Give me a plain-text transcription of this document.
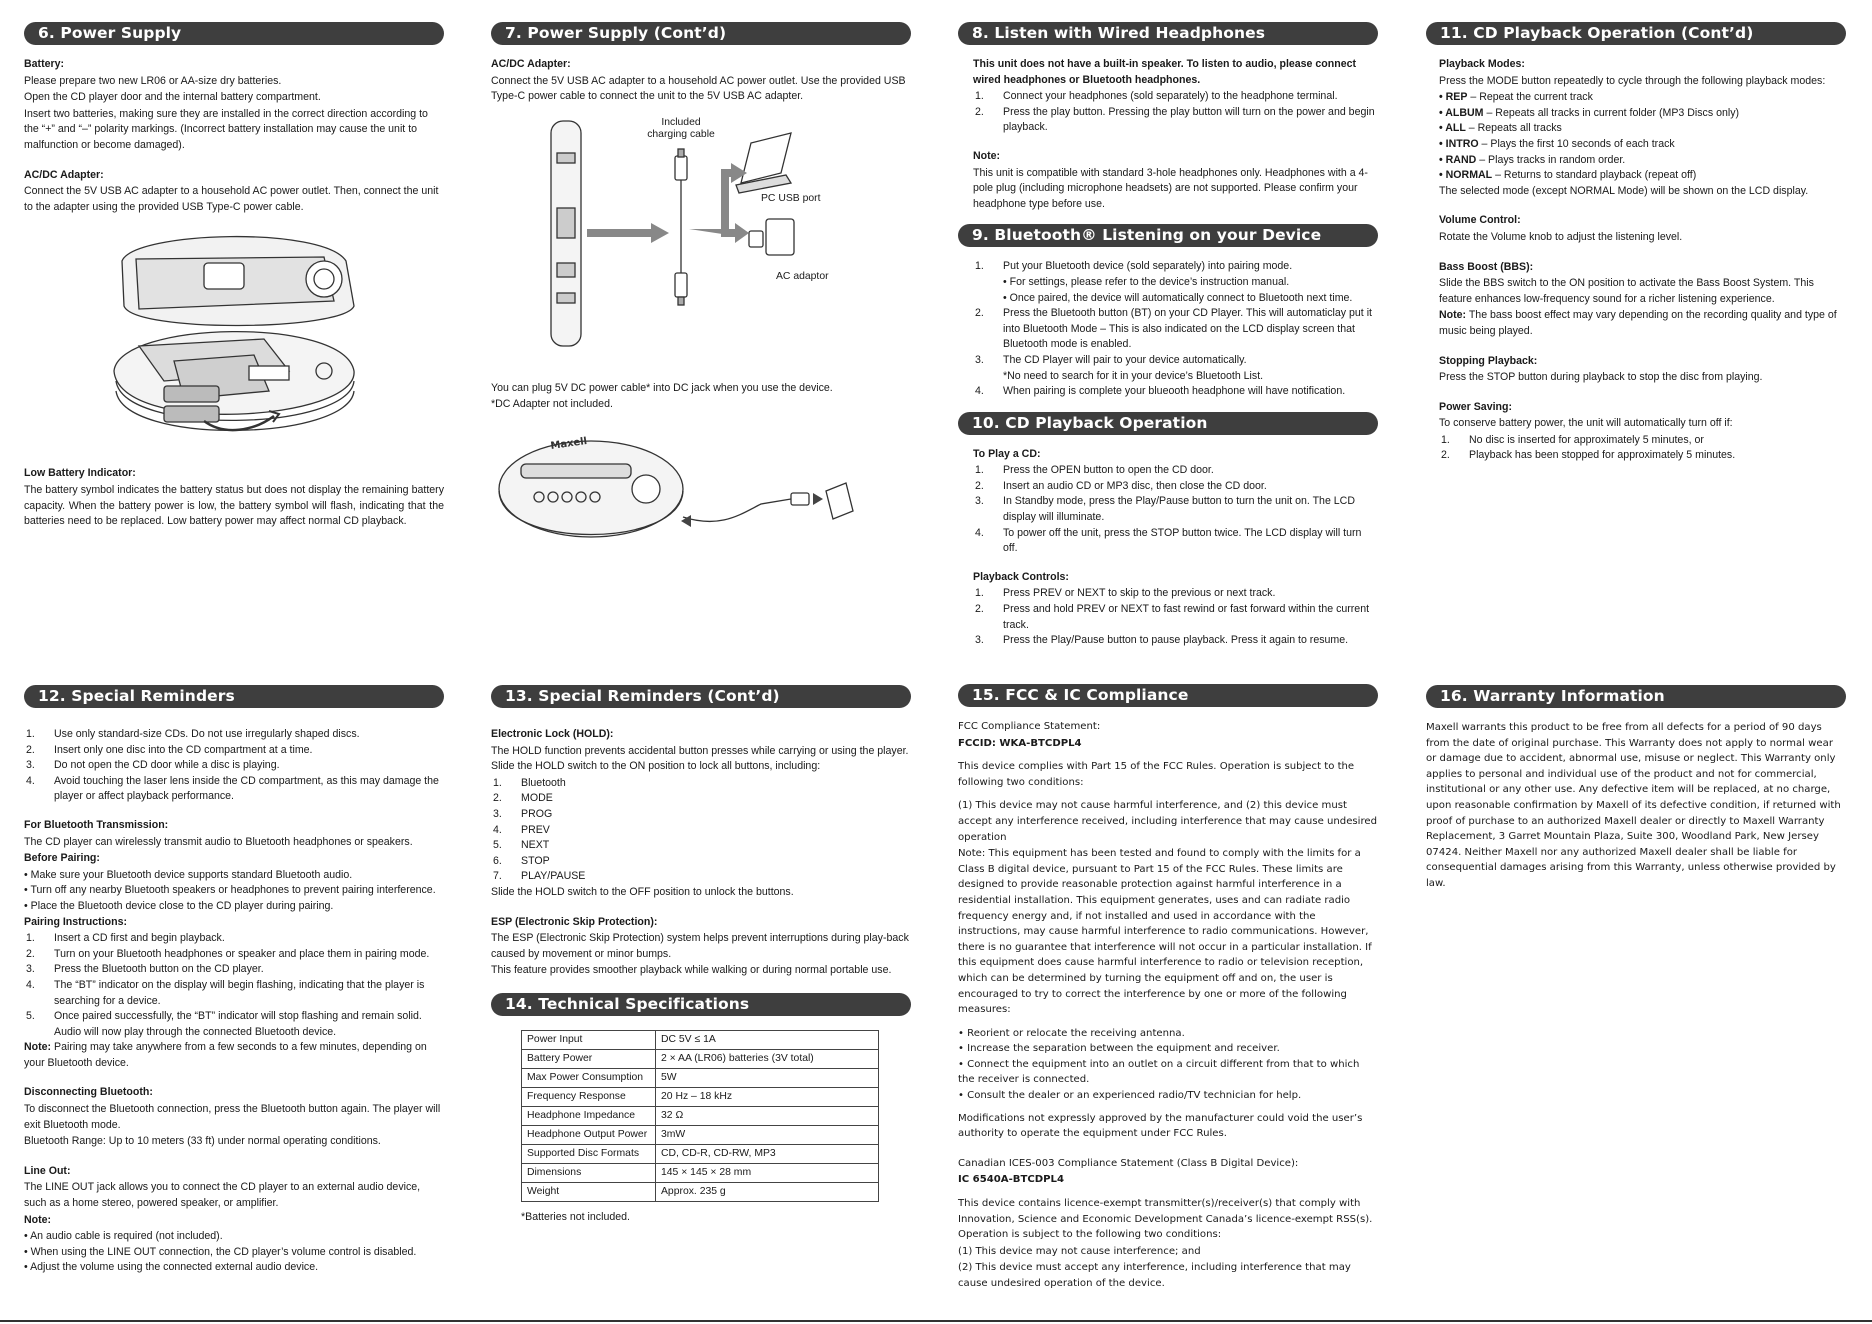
6. Power Supply

Battery:

Please prepare two new LR06 or AA-size dry batteries.

Open the CD player door and the internal battery compartment.

Insert two batteries, making sure they are installed in the correct direction according to the “+” and “–” polarity markings. (Incorrect battery installation may cause the unit to malfunction or become damaged).

AC/DC Adapter:

Connect the 5V USB AC adapter to a household AC power outlet. Then, connect the unit to the adapter using the provided USB Type-C power cable.

Low Battery Indicator:

The battery symbol indicates the battery status but does not display the remaining battery capacity. When the battery power is low, the battery symbol will flash, indicating that the batteries need to be replaced. Low battery power may affect normal CD playback.

7. Power Supply (Cont’d)

AC/DC Adapter:

Connect the 5V USB AC adapter to a household AC power outlet. Use the provided USB Type-C power cable to connect the unit to the 5V USB AC adapter.

Included charging cable
PC USB port
AC adaptor

You can plug 5V DC power cable* into DC jack when you use the device.

*DC Adapter not included.

Maxell
8. Listen with Wired Headphones

This unit does not have a built-in speaker. To listen to audio, please connect wired headphones or Bluetooth headphones.

1.	Connect your headphones (sold separately) to the headphone terminal.
2.	Press the play button. Pressing the play button will turn on the power and begin playback.

Note:

This unit is compatible with standard 3-hole headphones only. Headphones with a 4-pole plug (including microphone headsets) are not supported. Please confirm your headphone type before use.

9. Bluetooth® Listening on your Device
1.	Put your Bluetooth device (sold separately) into pairing mode.
• For settings, please refer to the device’s instruction manual.
• Once paired, the device will automatically connect to Bluetooth next time.
2.	Press the Bluetooth button (BT) on your CD Player. This will automaticlay put it into Bluetooth Mode – This is also indicated on the LCD display screen that Bluetooth mode is enabled.
3.	The CD Player will pair to your device automatically.
*No need to search for it in your device’s Bluetooth List.
4.	When pairing is complete your blueooth headphone will have notification.
10. CD Playback Operation

To Play a CD:

1.	Press the OPEN button to open the CD door.
2.	Insert an audio CD or MP3 disc, then close the CD door.
3.	In Standby mode, press the Play/Pause button to turn the unit on. The LCD display will illuminate.
4.	To power off the unit, press the STOP button twice. The LCD display will turn off.

Playback Controls:

1.	Press PREV or NEXT to skip to the previous or next track.
2.	Press and hold PREV or NEXT to fast rewind or fast forward within the current track.
3.	Press the Play/Pause button to pause playback. Press it again to resume.
11. CD Playback Operation (Cont’d)

Playback Modes:

Press the MODE button repeatedly to cycle through the following playback modes:

• REP – Repeat the current track
• ALBUM – Repeats all tracks in current folder (MP3 Discs only)
• ALL – Repeats all tracks
• INTRO – Plays the first 10 seconds of each track
• RAND – Plays tracks in random order.
• NORMAL – Returns to standard playback (repeat off)

The selected mode (except NORMAL Mode) will be shown on the LCD display.

Volume Control:

Rotate the Volume knob to adjust the listening level.

Bass Boost (BBS):

Slide the BBS switch to the ON position to activate the Bass Boost System. This feature enhances low-frequency sound for a richer listening experience.

Note: The bass boost effect may vary depending on the recording quality and type of music being played.

Stopping Playback:

Press the STOP button during playback to stop the disc from playing.

Power Saving:

To conserve battery power, the unit will automatically turn off if:

1.	No disc is inserted for approximately 5 minutes, or
2.	Playback has been stopped for approximately 5 minutes.
12. Special Reminders
1.	Use only standard-size CDs. Do not use irregularly shaped discs.
2.	Insert only one disc into the CD compartment at a time.
3.	Do not open the CD door while a disc is playing.
4.	Avoid touching the laser lens inside the CD compartment, as this may damage the player or affect playback performance.

For Bluetooth Transmission:

The CD player can wirelessly transmit audio to Bluetooth headphones or speakers.

Before Pairing:

• Make sure your Bluetooth device supports standard Bluetooth audio.
• Turn off any nearby Bluetooth speakers or headphones to prevent pairing interference.
• Place the Bluetooth device close to the CD player during pairing.

Pairing Instructions:

1.	Insert a CD first and begin playback.
2.	Turn on your Bluetooth headphones or speaker and place them in pairing mode.
3.	Press the Bluetooth button on the CD player.
4.	The “BT” indicator on the display will begin flashing, indicating that the player is searching for a device.
5.	Once paired successfully, the “BT” indicator will stop flashing and remain solid. Audio will now play through the connected Bluetooth device.

Note: Pairing may take anywhere from a few seconds to a few minutes, depending on your Bluetooth device.

Disconnecting Bluetooth:

To disconnect the Bluetooth connection, press the Bluetooth button again. The player will exit Bluetooth mode.

Bluetooth Range: Up to 10 meters (33 ft) under normal operating conditions.

Line Out:

The LINE OUT jack allows you to connect the CD player to an external audio device, such as a home stereo, powered speaker, or amplifier.

Note:

• An audio cable is required (not included).
• When using the LINE OUT connection, the CD player’s volume control is disabled.
• Adjust the volume using the connected external audio device.
13. Special Reminders (Cont’d)

Electronic Lock (HOLD):

The HOLD function prevents accidental button presses while carrying or using the player. Slide the HOLD switch to the ON position to lock all buttons, including:

1.	Bluetooth
2.	MODE
3.	PROG
4.	PREV
5.	NEXT
6.	STOP
7.	PLAY/PAUSE

Slide the HOLD switch to the OFF position to unlock the buttons.

ESP (Electronic Skip Protection):

The ESP (Electronic Skip Protection) system helps prevent interruptions during play-back caused by movement or minor bumps.

This feature provides smoother playback while walking or during normal portable use.

14. Technical Specifications
Power Input	DC 5V ≤ 1A
Battery Power	2 × AA (LR06) batteries (3V total)
Max Power Consumption	5W
Frequency Response	20 Hz – 18 kHz
Headphone Impedance	32 Ω
Headphone Output Power	3mW
Supported Disc Formats	CD, CD-R, CD-RW, MP3
Dimensions	145 × 145 × 28 mm
Weight	Approx. 235 g

*Batteries not included.

15. FCC & IC Compliance

FCC Compliance Statement:

FCCID: WKA-BTCDPL4

This device complies with Part 15 of the FCC Rules. Operation is subject to the following two conditions:

(1) This device may not cause harmful interference, and (2) this device must accept any interference received, including interference that may cause undesired operation

Note: This equipment has been tested and found to comply with the limits for a Class B digital device, pursuant to Part 15 of the FCC Rules. These limits are designed to provide reasonable protection against harmful interference in a residential installation. This equipment generates, uses and can radiate radio frequency energy and, if not installed and used in accordance with the instructions, may cause harmful interference to radio communications. However, there is no guarantee that interference will not occur in a particular installation. If this equipment does cause harmful interference to radio or television reception, which can be determined by turning the equipment off and on, the user is encouraged to try to correct the interference by one or more of the following measures:

• Reorient or relocate the receiving antenna.
• Increase the separation between the equipment and receiver.
• Connect the equipment into an outlet on a circuit different from that to which the receiver is connected.
• Consult the dealer or an experienced radio/TV technician for help.

Modifications not expressly approved by the manufacturer could void the user’s authority to operate the equipment under FCC Rules.

Canadian ICES-003 Compliance Statement (Class B Digital Device):

IC 6540A-BTCDPL4

This device contains licence-exempt transmitter(s)/receiver(s) that comply with Innovation, Science and Economic Development Canada’s licence-exempt RSS(s). Operation is subject to the following two conditions:

(1) This device may not cause interference; and

(2) This device must accept any interference, including interference that may cause undesired operation of the device.

16. Warranty Information

Maxell warrants this product to be free from all defects for a period of 90 days from the date of original purchase. This Warranty does not apply to normal wear or damage due to accident, abnormal use, misuse or neglect. This Warranty only applies to personal and individual use of the product and not for commercial, institutional or any other use. Any defective item will be replaced, at no charge, upon reasonable confirmation by Maxell of its defective condition, if returned with proof of purchase to an authorized Maxell dealer or directly to Maxell Warranty Replacement, 3 Garret Mountain Plaza, Suite 300, Woodland Park, New Jersey 07424. Neither Maxell nor any authorized Maxell dealer shall be liable for consequential damages arising from this Warranty, unless otherwise provided by law.
